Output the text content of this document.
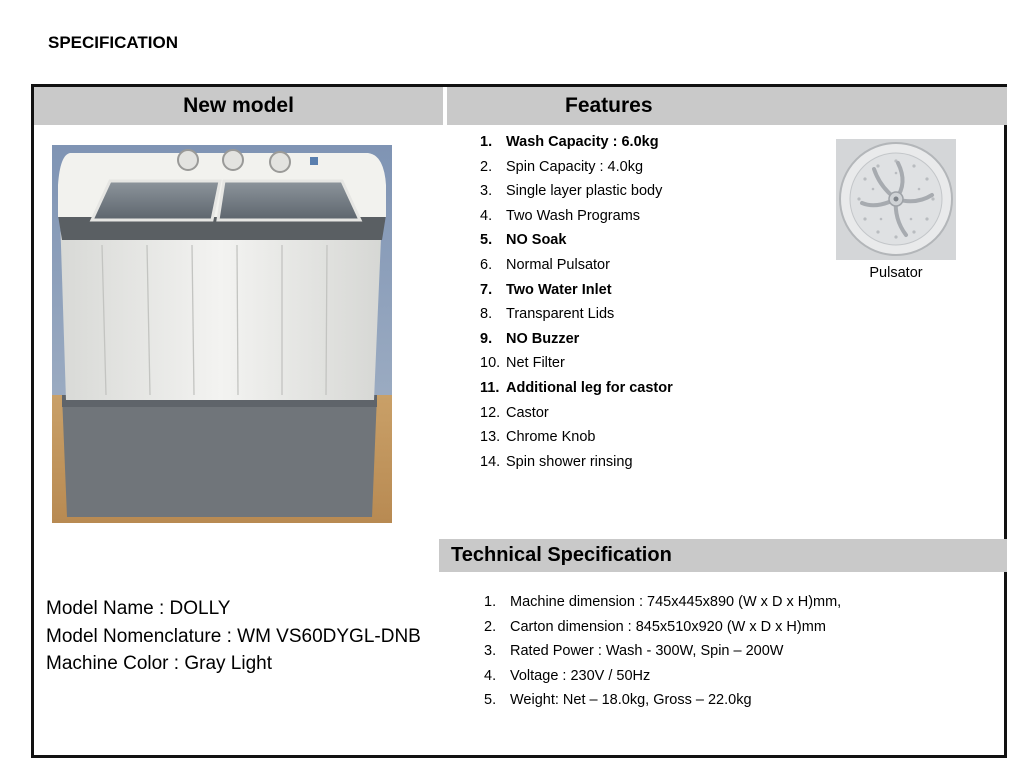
SPECIFICATION
New model	Features
Model Name : DOLLY
Model Nomenclature : WM VS60DYGL-DNB
Machine Color : Gray Light
1. Wash Capacity : 6.0kg
2. Spin Capacity : 4.0kg
3. Single layer plastic body
4. Two Wash Programs
5. NO Soak
6. Normal Pulsator
7. Two Water Inlet
8. Transparent Lids
9. NO Buzzer
10. Net Filter
11. Additional leg for castor
12. Castor
13. Chrome Knob
14. Spin shower rinsing
Pulsator
Technical Specification
1. Machine dimension : 745x445x890 (W x D x H)mm,
2. Carton dimension : 845x510x920 (W x D x H)mm
3. Rated Power : Wash - 300W, Spin – 200W
4. Voltage : 230V / 50Hz
5. Weight: Net – 18.0kg, Gross – 22.0kg
